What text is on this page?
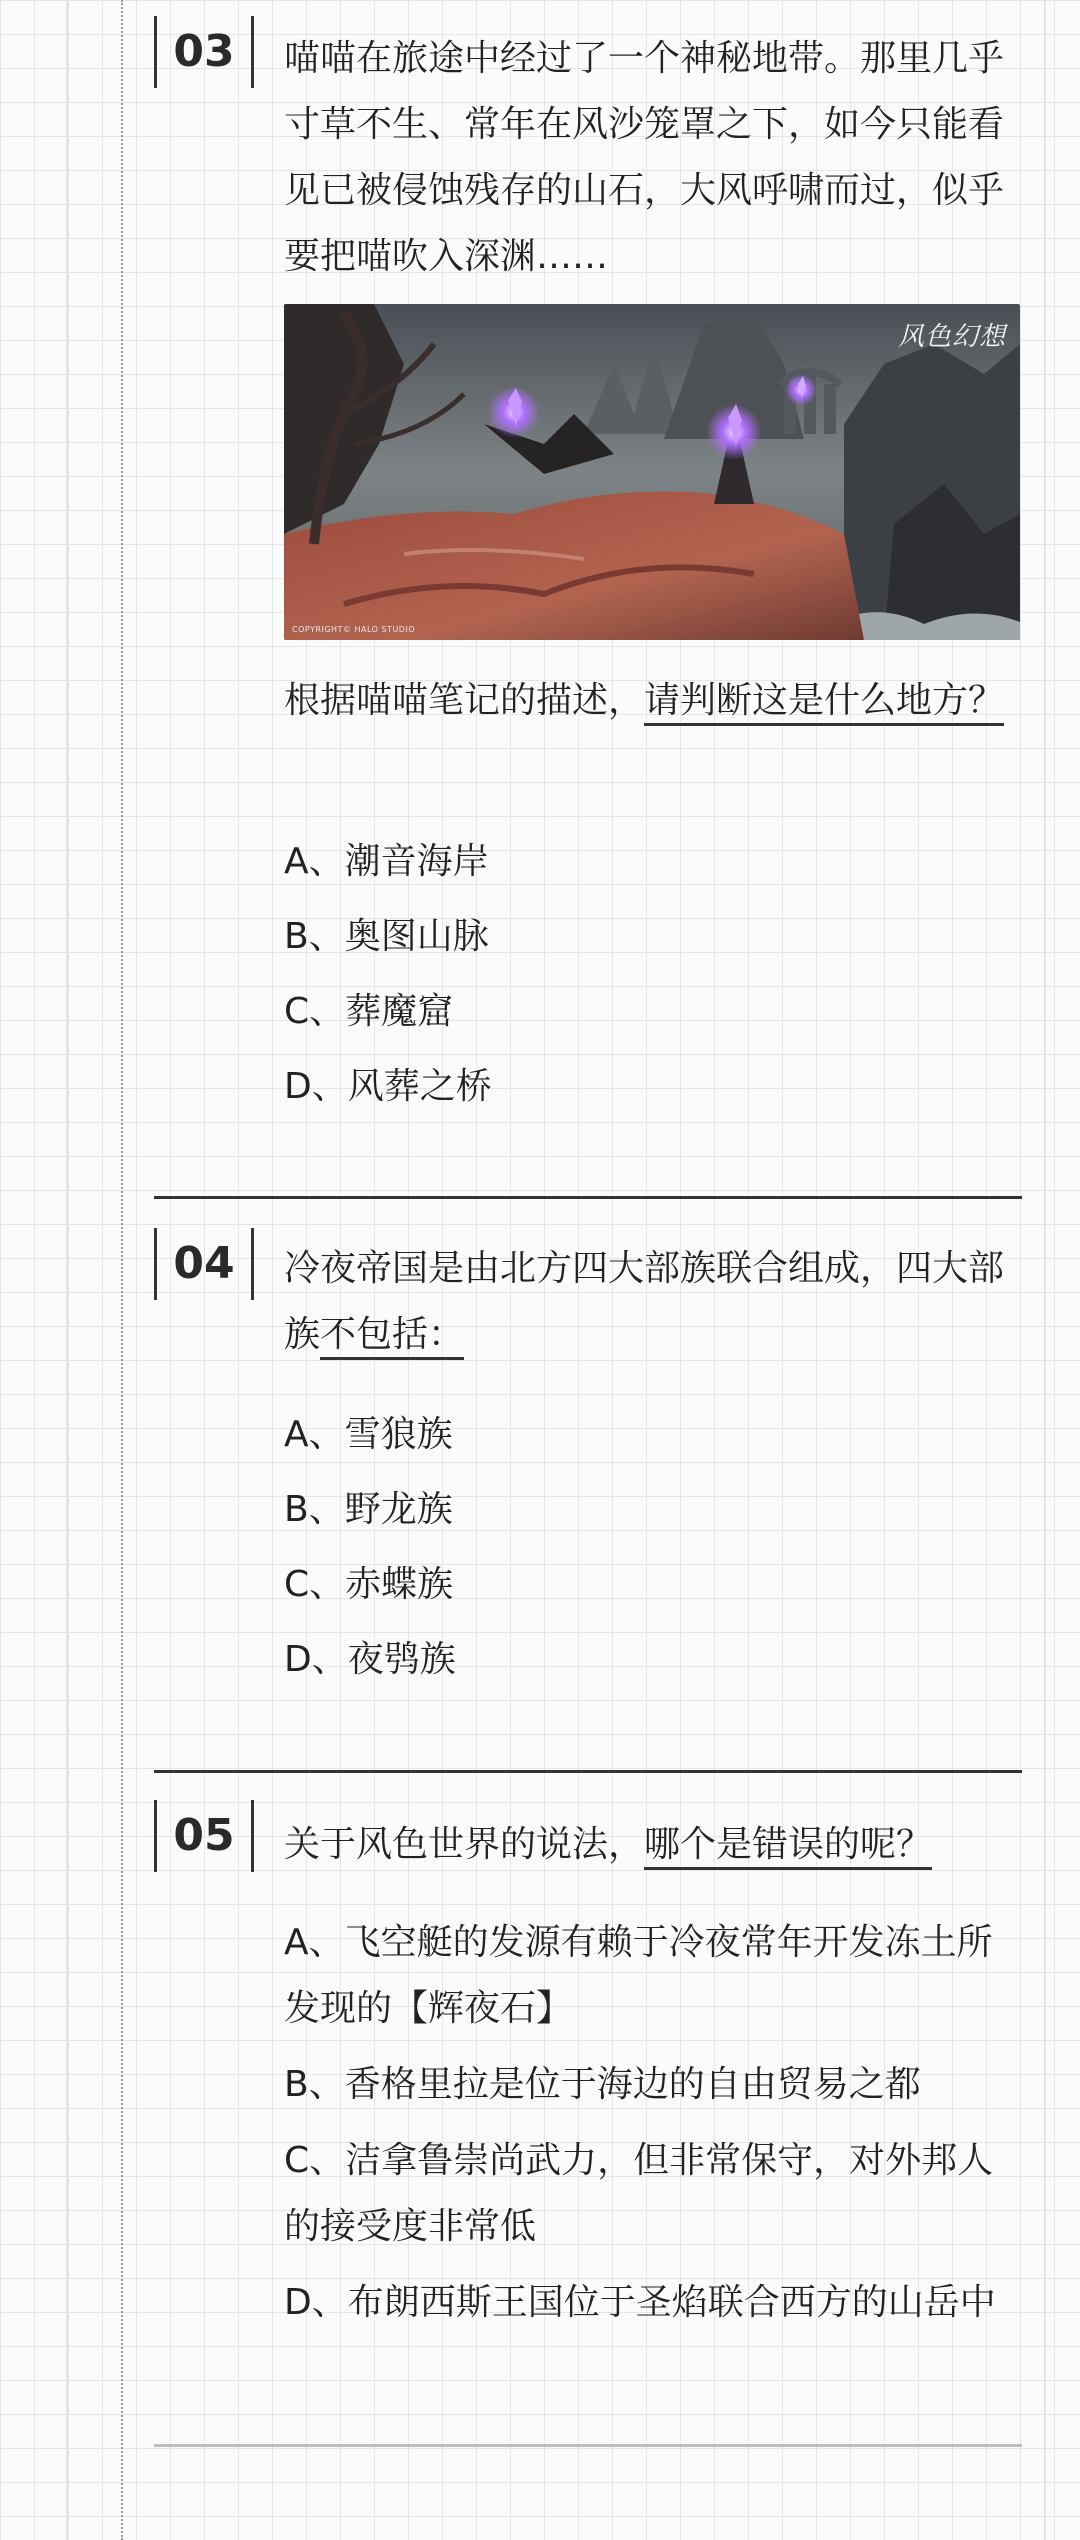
03	喵喵在旅途中经过了一个神秘地带。那里几乎寸草不生、常年在风沙笼罩之下，如今只能看见已被侵蚀残存的山石，大风呼啸而过，似乎要把喵吹入深渊……
风色幻想
COPYRIGHT© HALO STUDIO
根据喵喵笔记的描述，请判断这是什么地方？
A、潮音海岸
B、奥图山脉
C、葬魔窟
D、风葬之桥
04	冷夜帝国是由北方四大部族联合组成，四大部族不包括：
A、雪狼族
B、野龙族
C、赤蝶族
D、夜鸮族
05	关于风色世界的说法，哪个是错误的呢？
A、飞空艇的发源有赖于冷夜常年开发冻土所发现的【辉夜石】
B、香格里拉是位于海边的自由贸易之都
C、洁拿鲁崇尚武力，但非常保守，对外邦人的接受度非常低
D、布朗西斯王国位于圣焰联合西方的山岳中
